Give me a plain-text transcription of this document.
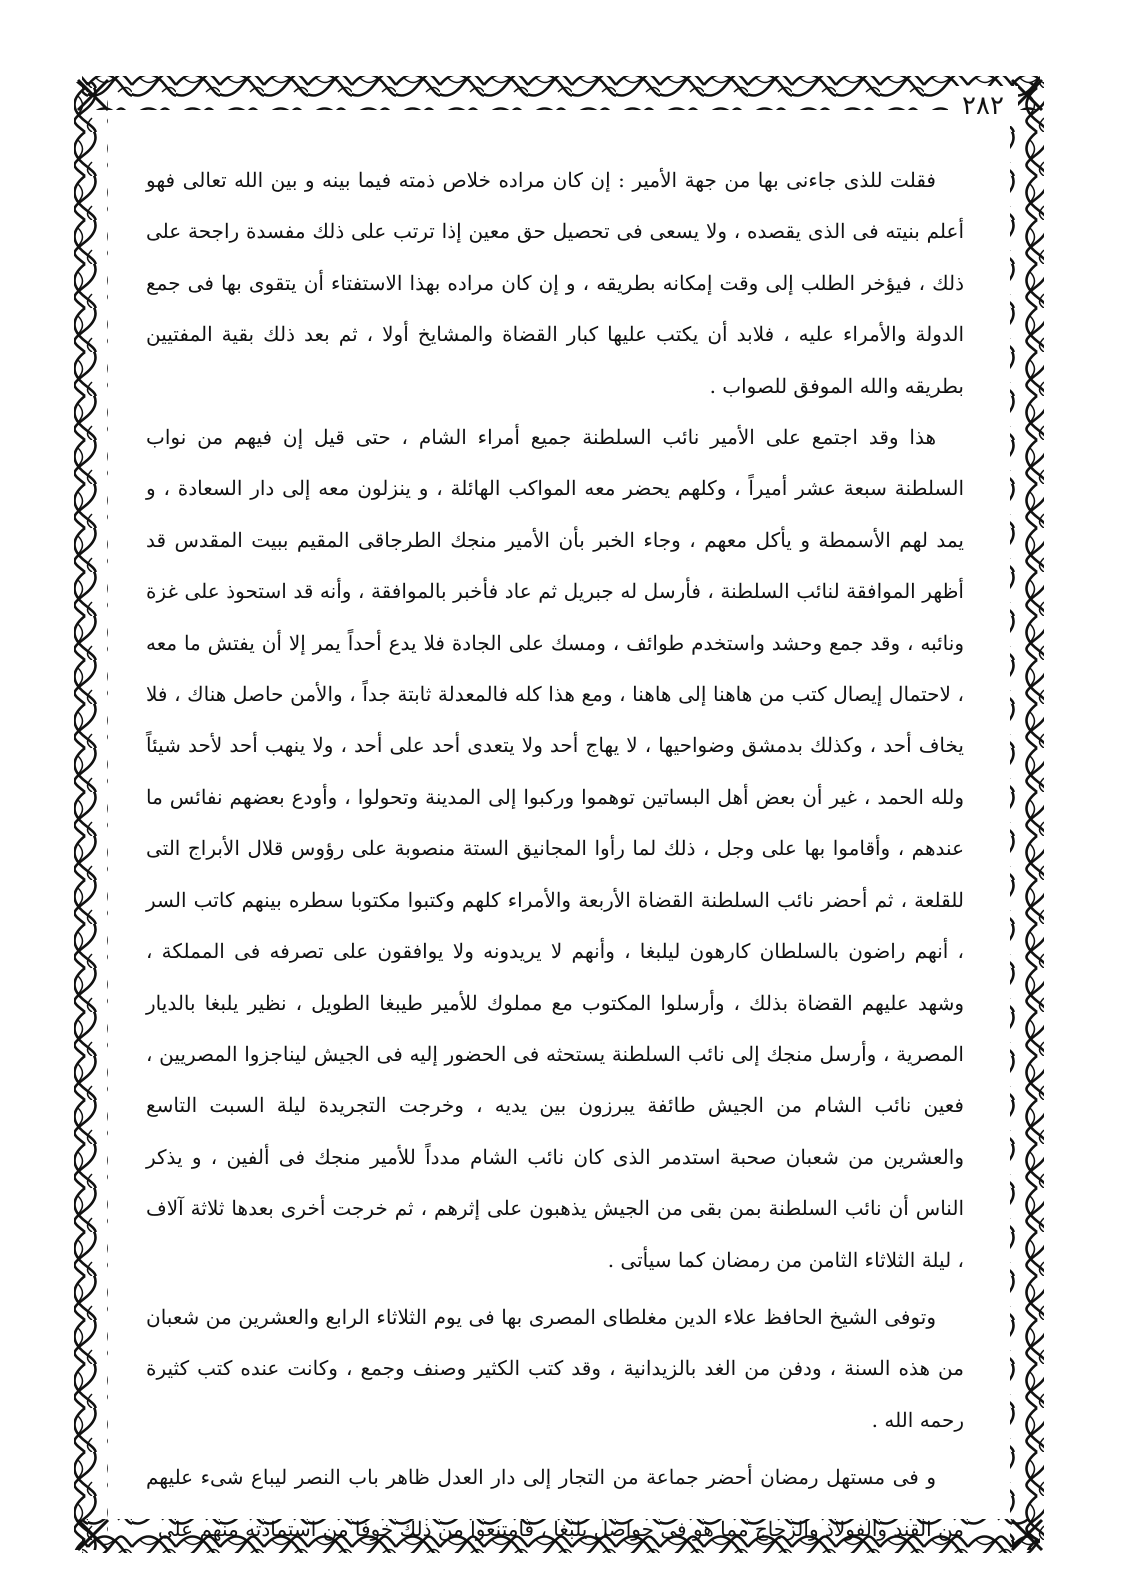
٢٨٢

فقلت للذى جاءنى بها من جهة الأمير : إن كان مراده خلاص ذمته فيما بينه و بين الله تعالى فهو أعلم بنيته فى الذى يقصده ، ولا يسعى فى تحصيل حق معين إذا ترتب على ذلك مفسدة راجحة على ذلك ، فيؤخر الطلب إلى وقت إمكانه بطريقه ، و إن كان مراده بهذا الاستفتاء أن يتقوى بها فى جمع الدولة والأمراء عليه ، فلابد أن يكتب عليها كبار القضاة والمشايخ أولا ، ثم بعد ذلك بقية المفتيين بطريقه والله الموفق للصواب .

هذا وقد اجتمع على الأمير نائب السلطنة جميع أمراء الشام ، حتى قيل إن فيهم من نواب السلطنة سبعة عشر أميراً ، وكلهم يحضر معه المواكب الهائلة ، و ينزلون معه إلى دار السعادة ، و يمد لهم الأسمطة و يأكل معهم ، وجاء الخبر بأن الأمير منجك الطرجاقى المقيم ببيت المقدس قد أظهر الموافقة لنائب السلطنة ، فأرسل له جبريل ثم عاد فأخبر بالموافقة ، وأنه قد استحوذ على غزة ونائبه ، وقد جمع وحشد واستخدم طوائف ، ومسك على الجادة فلا يدع أحداً يمر إلا أن يفتش ما معه ، لاحتمال إيصال كتب من هاهنا إلى هاهنا ، ومع هذا كله فالمعدلة ثابتة جداً ، والأمن حاصل هناك ، فلا يخاف أحد ، وكذلك بدمشق وضواحيها ، لا يهاج أحد ولا يتعدى أحد على أحد ، ولا ينهب أحد لأحد شيئاً ولله الحمد ، غير أن بعض أهل البساتين توهموا وركبوا إلى المدينة وتحولوا ، وأودع بعضهم نفائس ما عندهم ، وأقاموا بها على وجل ، ذلك لما رأوا المجانيق الستة منصوبة على رؤوس قلال الأبراج التى للقلعة ، ثم أحضر نائب السلطنة القضاة الأربعة والأمراء كلهم وكتبوا مكتوبا سطره بينهم كاتب السر ، أنهم راضون بالسلطان كارهون ليلبغا ، وأنهم لا يريدونه ولا يوافقون على تصرفه فى المملكة ، وشهد عليهم القضاة بذلك ، وأرسلوا المكتوب مع مملوك للأمير طيبغا الطويل ، نظير يلبغا بالديار المصرية ، وأرسل منجك إلى نائب السلطنة يستحثه فى الحضور إليه فى الجيش ليناجزوا المصريين ، فعين نائب الشام من الجيش طائفة يبرزون بين يديه ، وخرجت التجريدة ليلة السبت التاسع والعشرين من شعبان صحبة استدمر الذى كان نائب الشام مدداً للأمير منجك فى ألفين ، و يذكر الناس أن نائب السلطنة بمن بقى من الجيش يذهبون على إثرهم ، ثم خرجت أخرى بعدها ثلاثة آلاف ، ليلة الثلاثاء الثامن من رمضان كما سيأتى .

وتوفى الشيخ الحافظ علاء الدين مغلطاى المصرى بها فى يوم الثلاثاء الرابع والعشرين من شعبان من هذه السنة ، ودفن من الغد بالزيدانية ، وقد كتب الكثير وصنف وجمع ، وكانت عنده كتب كثيرة رحمه الله .

و فى مستهل رمضان أحضر جماعة من التجار إلى دار العدل ظاهر باب النصر ليباع شىء عليهم من القند والفولاذ والزجاج مما هو فى حواصل يلبغا ، فامتنعوا من ذلك خوفا من استمادته منهم على
